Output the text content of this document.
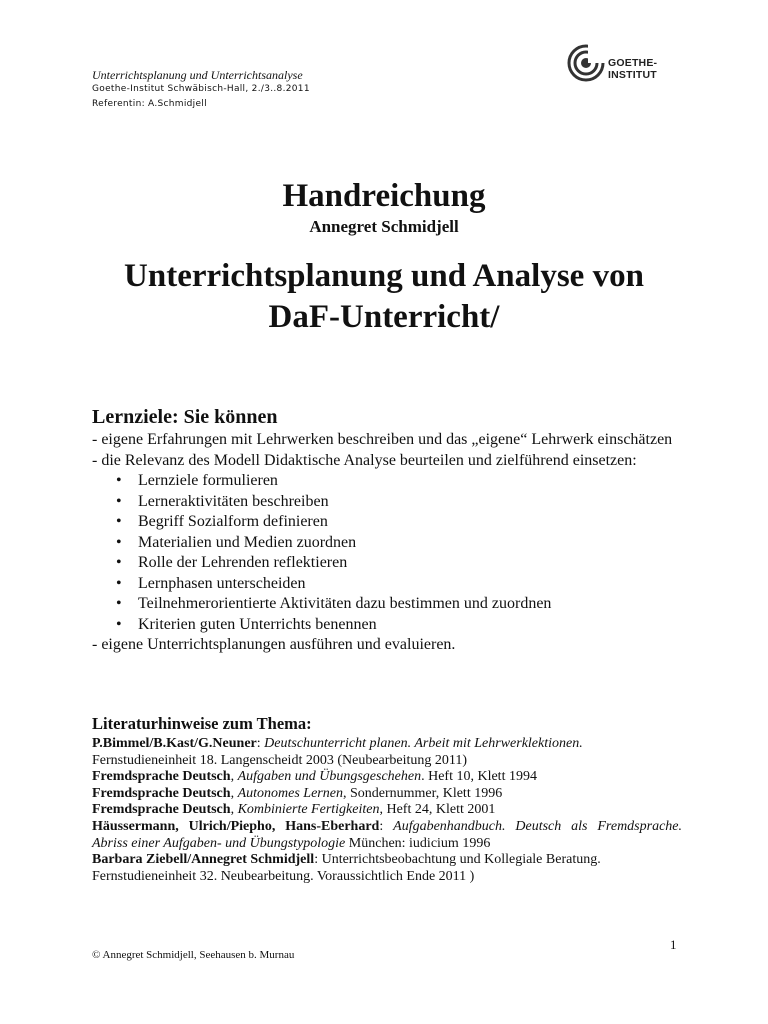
Unterrichtsplanung und Unterrichtsanalyse
Goethe-Institut Schwäbisch-Hall, 2./3..8.2011
Referentin: A.Schmidjell
GOETHE-INSTITUT
Handreichung
Annegret Schmidjell
Unterrichtsplanung und Analyse von
DaF-Unterricht/
Lernziele: Sie können

- eigene Erfahrungen mit Lehrwerken beschreiben und das „eigene“ Lehrwerk einschätzen

- die Relevanz des Modell Didaktische Analyse beurteilen und zielführend einsetzen:

• Lernziele formulieren
• Lerneraktivitäten beschreiben
• Begriff Sozialform definieren
• Materialien und Medien zuordnen
• Rolle der Lehrenden reflektieren
• Lernphasen unterscheiden
• Teilnehmerorientierte Aktivitäten dazu bestimmen und zuordnen
• Kriterien guten Unterrichts benennen

- eigene Unterrichtsplanungen ausführen und evaluieren.

Literaturhinweise zum Thema:

P.Bimmel/B.Kast/G.Neuner: Deutschunterricht planen. Arbeit mit Lehrwerklektionen. Fernstudieneinheit 18. Langenscheidt 2003 (Neubearbeitung 2011)

Fremdsprache Deutsch, Aufgaben und Übungsgeschehen. Heft 10, Klett 1994

Fremdsprache Deutsch, Autonomes Lernen, Sondernummer, Klett 1996

Fremdsprache Deutsch, Kombinierte Fertigkeiten, Heft 24, Klett 2001

Häussermann, Ulrich/Piepho, Hans-Eberhard: Aufgabenhandbuch. Deutsch als Fremdsprache. Abriss einer Aufgaben- und Übungstypologie München: iudicium 1996

Barbara Ziebell/Annegret Schmidjell: Unterrichtsbeobachtung und Kollegiale Beratung. Fernstudieneinheit 32. Neubearbeitung. Voraussichtlich Ende 2011 )

1
© Annegret Schmidjell, Seehausen b. Murnau
